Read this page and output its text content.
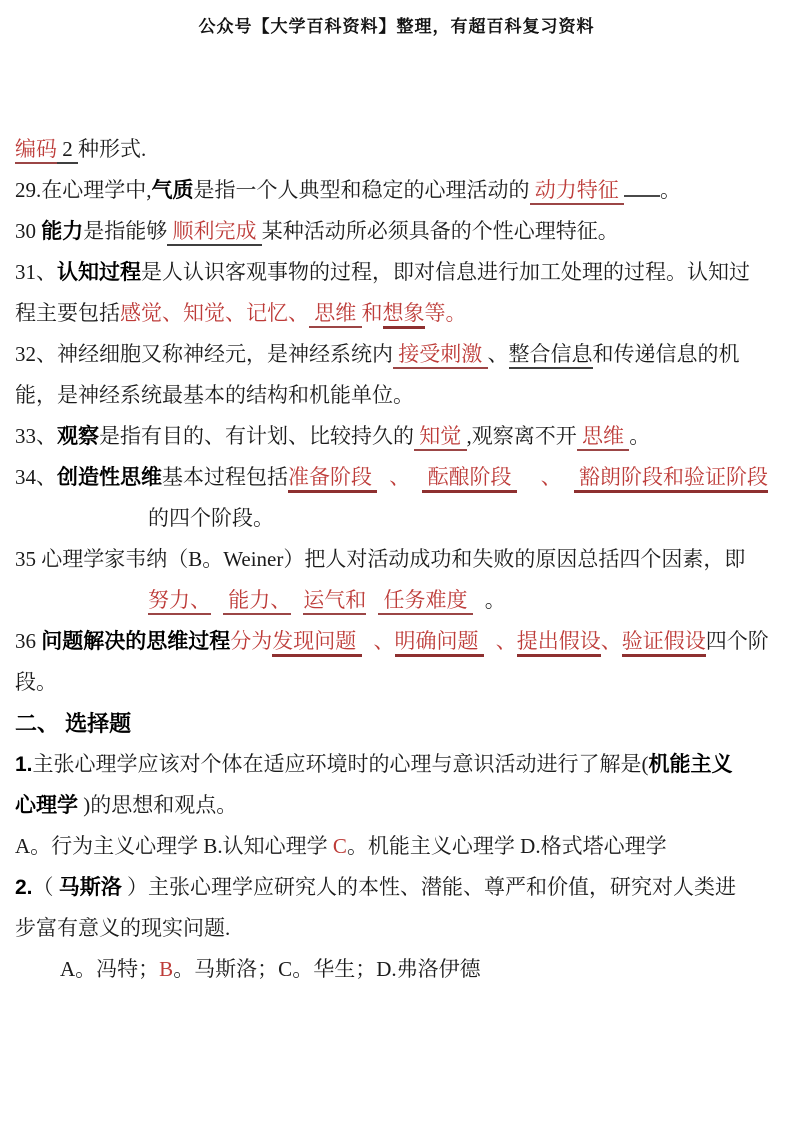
公众号【大学百科资料】整理，有超百科复习资料

编码 2 种形式.

29.在心理学中,气质是指一个人典型和稳定的心理活动的 动力特征 。

30 能力是指能够 顺利完成 某种活动所必须具备的个性心理特征。

31、认知过程是人认识客观事物的过程，即对信息进行加工处理的过程。认知过

程主要包括感觉、知觉、记忆、 思维 和想象等。

32、神经细胞又称神经元，是神经系统内 接受刺激 、整合信息和传递信息的机

能，是神经系统最基本的结构和机能单位。

33、观察是指有目的、有计划、比较持久的 知觉 ,观察离不开 思维 。

34、创造性思维基本过程包括准备阶段 、 酝酿阶段 、 豁朗阶段和验证阶段

的四个阶段。

35 心理学家韦纳（B。Weiner）把人对活动成功和失败的原因总括四个因素，即

努力、 能力、 运气和 任务难度 。

36 问题解决的思维过程分为发现问题 、明确问题 、提出假设、验证假设四个阶

段。

二、 选择题

1.主张心理学应该对个体在适应环境时的心理与意识活动进行了解是(机能主义

心理学 )的思想和观点。

A。行为主义心理学 B.认知心理学 C。机能主义心理学 D.格式塔心理学

2.（ 马斯洛 ）主张心理学应研究人的本性、潜能、尊严和价值，研究对人类进

步富有意义的现实问题.

A。冯特；B。马斯洛；C。华生；D.弗洛伊德
